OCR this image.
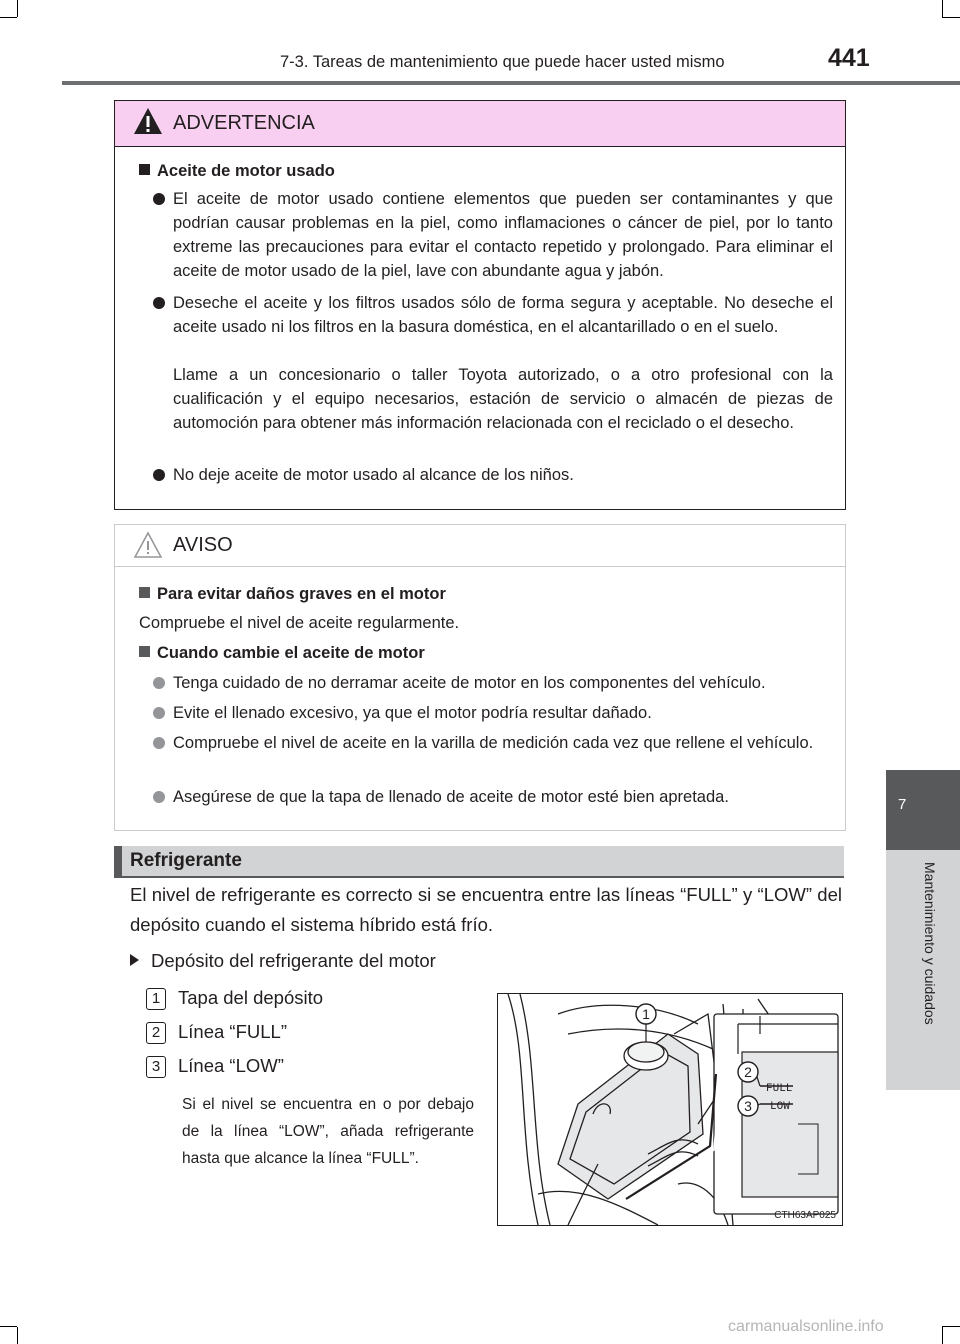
7-3. Tareas de mantenimiento que puede hacer usted mismo	441
7
Mantenimiento y cuidados
ADVERTENCIA
Aceite de motor usado
El aceite de motor usado contiene elementos que pueden ser contaminantes y que podrían causar problemas en la piel, como inflamaciones o cáncer de piel, por lo tanto extreme las precauciones para evitar el contacto repetido y prolongado. Para eliminar el aceite de motor usado de la piel, lave con abundante agua y jabón.
Deseche el aceite y los filtros usados sólo de forma segura y aceptable. No deseche el aceite usado ni los filtros en la basura doméstica, en el alcantarillado o en el suelo.
Llame a un concesionario o taller Toyota autorizado, o a otro profesional con la cualificación y el equipo necesarios, estación de servicio o almacén de piezas de automoción para obtener más información relacionada con el reciclado o el desecho.
No deje aceite de motor usado al alcance de los niños.
AVISO
Para evitar daños graves en el motor
Compruebe el nivel de aceite regularmente.
Cuando cambie el aceite de motor
Tenga cuidado de no derramar aceite de motor en los componentes del vehículo.
Evite el llenado excesivo, ya que el motor podría resultar dañado.
Compruebe el nivel de aceite en la varilla de medición cada vez que rellene el vehículo.
Asegúrese de que la tapa de llenado de aceite de motor esté bien apretada.
Refrigerante
El nivel de refrigerante es correcto si se encuentra entre las líneas “FULL” y “LOW” del depósito cuando el sistema híbrido está frío.
Depósito del refrigerante del motor
1 Tapa del depósito
2 Línea “FULL”
3 Línea “LOW”
Si el nivel se encuentra en o por debajo de la línea “LOW”, añada refrigerante hasta que alcance la línea “FULL”.
FULL
LOW
1
2
3
CTH63AP025
carmanualsonline.info
